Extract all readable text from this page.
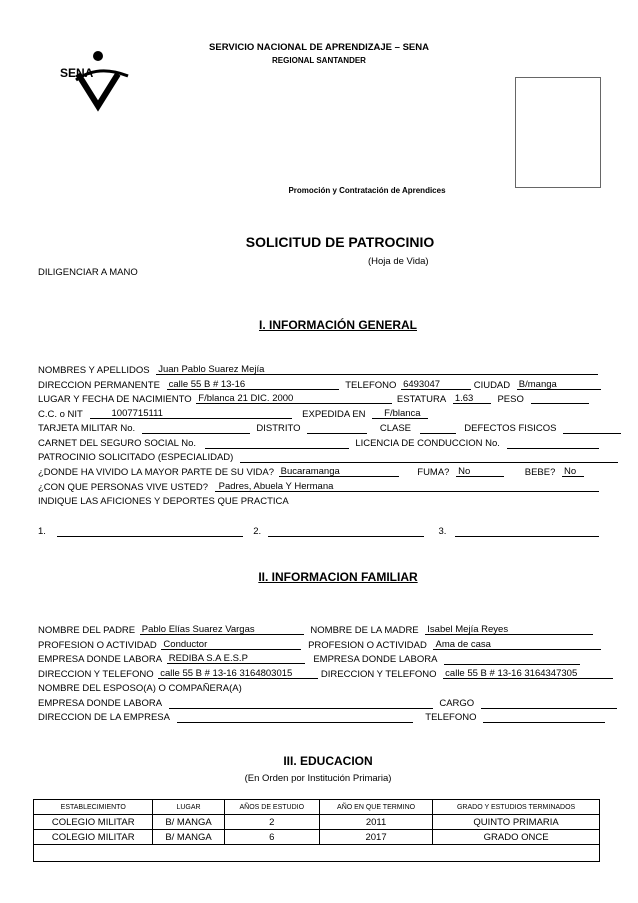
SERVICIO NACIONAL DE APRENDIZAJE – SENA
REGIONAL SANTANDER
SENA
Promoción y Contratación de Aprendices
SOLICITUD DE PATROCINIO
(Hoja de Vida)
DILIGENCIAR A MANO
I. INFORMACIÓN GENERAL
NOMBRES Y APELLIDOS Juan Pablo Suarez Mejía
DIRECCION PERMANENTE calle 55 B # 13-16	TELEFONO 6493047	CIUDAD B/manga
LUGAR Y FECHA DE NACIMIENTO F/blanca 21 DIC. 2000	ESTATURA 1.63	PESO
C.C. o NIT	1007715111	EXPEDIDA EN F/blanca
TARJETA MILITAR No.	DISTRITO	CLASE	DEFECTOS FISICOS
CARNET DEL SEGURO SOCIAL No.	LICENCIA DE CONDUCCION No.
PATROCINIO SOLICITADO (ESPECIALIDAD)
¿DONDE HA VIVIDO LA MAYOR PARTE DE SU VIDA? Bucaramanga	FUMA? No	BEBE? No
¿CON QUE PERSONAS VIVE USTED? Padres, Abuela Y Hermana
INDIQUE LAS AFICIONES Y DEPORTES QUE PRACTICA
1.	2.	3.
II. INFORMACION FAMILIAR
NOMBRE DEL PADRE Pablo Elías Suarez Vargas	NOMBRE DE LA MADRE Isabel Mejía Reyes
PROFESION O ACTIVIDAD Conductor	PROFESION O ACTIVIDAD Ama de casa
EMPRESA DONDE LABORA REDIBA S.A E.S.P	EMPRESA DONDE LABORA
DIRECCION Y TELEFONO calle 55 B # 13-16 3164803015	DIRECCION Y TELEFONO calle 55 B # 13-16 3164347305
NOMBRE DEL ESPOSO(A) O COMPAÑERA(A)
EMPRESA DONDE LABORA	CARGO
DIRECCION DE LA EMPRESA	TELEFONO
III. EDUCACION
(En Orden por Institución Primaria)
ESTABLECIMIENTO	LUGAR	AÑOS DE ESTUDIO	AÑO EN QUE TERMINO	GRADO Y ESTUDIOS TERMINADOS
COLEGIO MILITAR	B/ MANGA	2	2011	QUINTO PRIMARIA
COLEGIO MILITAR	B/ MANGA	6	2017	GRADO ONCE
